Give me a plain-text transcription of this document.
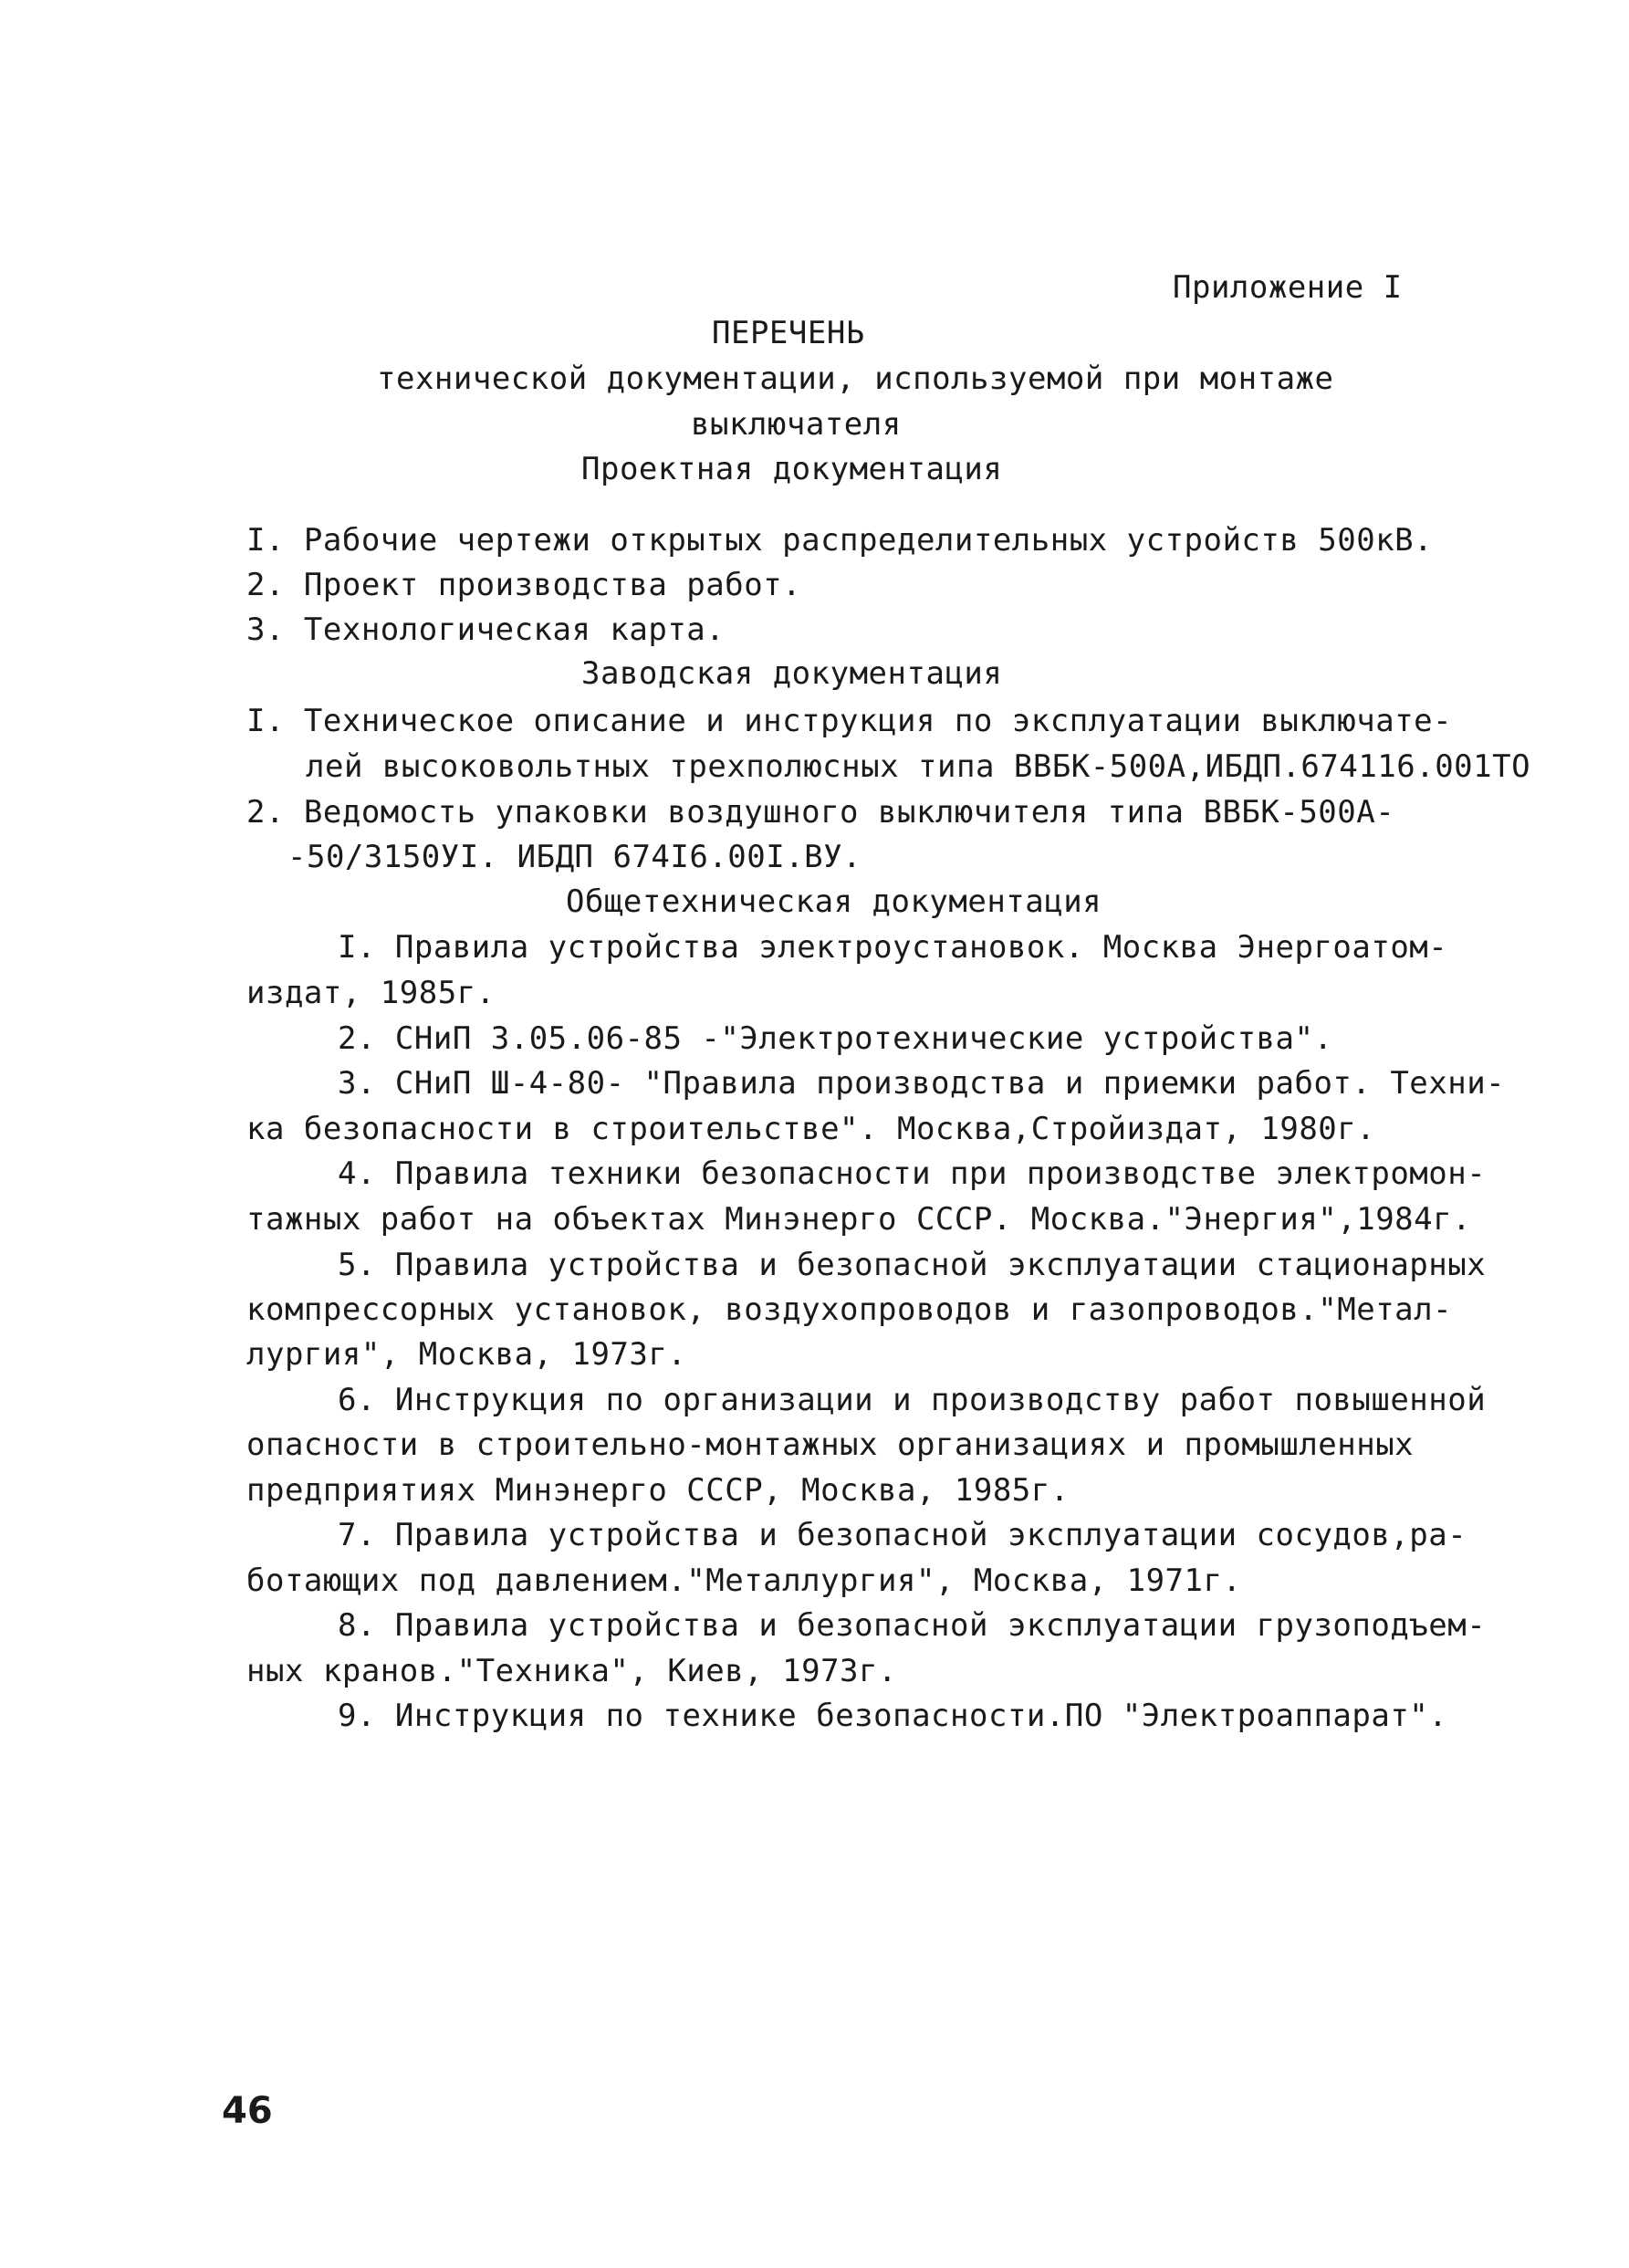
Приложение I
ПЕРЕЧЕНЬ
технической документации, используемой при монтаже
выключателя
Проектная документация
I. Рабочие чертежи открытых распределительных устройств 500кВ.
2. Проект производства работ.
3. Технологическая карта.
Заводская документация
I. Техническое описание и инструкция по эксплуатации выключате-
лей высоковольтных трехполюсных типа ВВБК-500А,ИБДП.674116.001ТО
2. Ведомость упаковки воздушного выключителя типа ВВБК-500А-
-50/3150УI. ИБДП 674I6.00I.ВУ.
Общетехническая документация
I. Правила устройства электроустановок. Москва Энергоатом-
издат, 1985г.
2. СНиП 3.05.06-85 -"Электротехнические устройства".
3. СНиП Ш-4-80- "Правила производства и приемки работ. Техни-
ка безопасности в строительстве". Москва,Стройиздат, 1980г.
4. Правила техники безопасности при производстве электромон-
тажных работ на объектах Минэнерго СССР. Москва."Энергия",1984г.
5. Правила устройства и безопасной эксплуатации стационарных
компрессорных установок, воздухопроводов и газопроводов."Метал-
лургия", Москва, 1973г.
6. Инструкция по организации и производству работ повышенной
опасности в строительно-монтажных организациях и промышленных
предприятиях Минэнерго СССР, Москва, 1985г.
7. Правила устройства и безопасной эксплуатации сосудов,ра-
ботающих под давлением."Металлургия", Москва, 1971г.
8. Правила устройства и безопасной эксплуатации грузоподъем-
ных кранов."Техника", Киев, 1973г.
9. Инструкция по технике безопасности.ПО "Электроаппарат".
46
